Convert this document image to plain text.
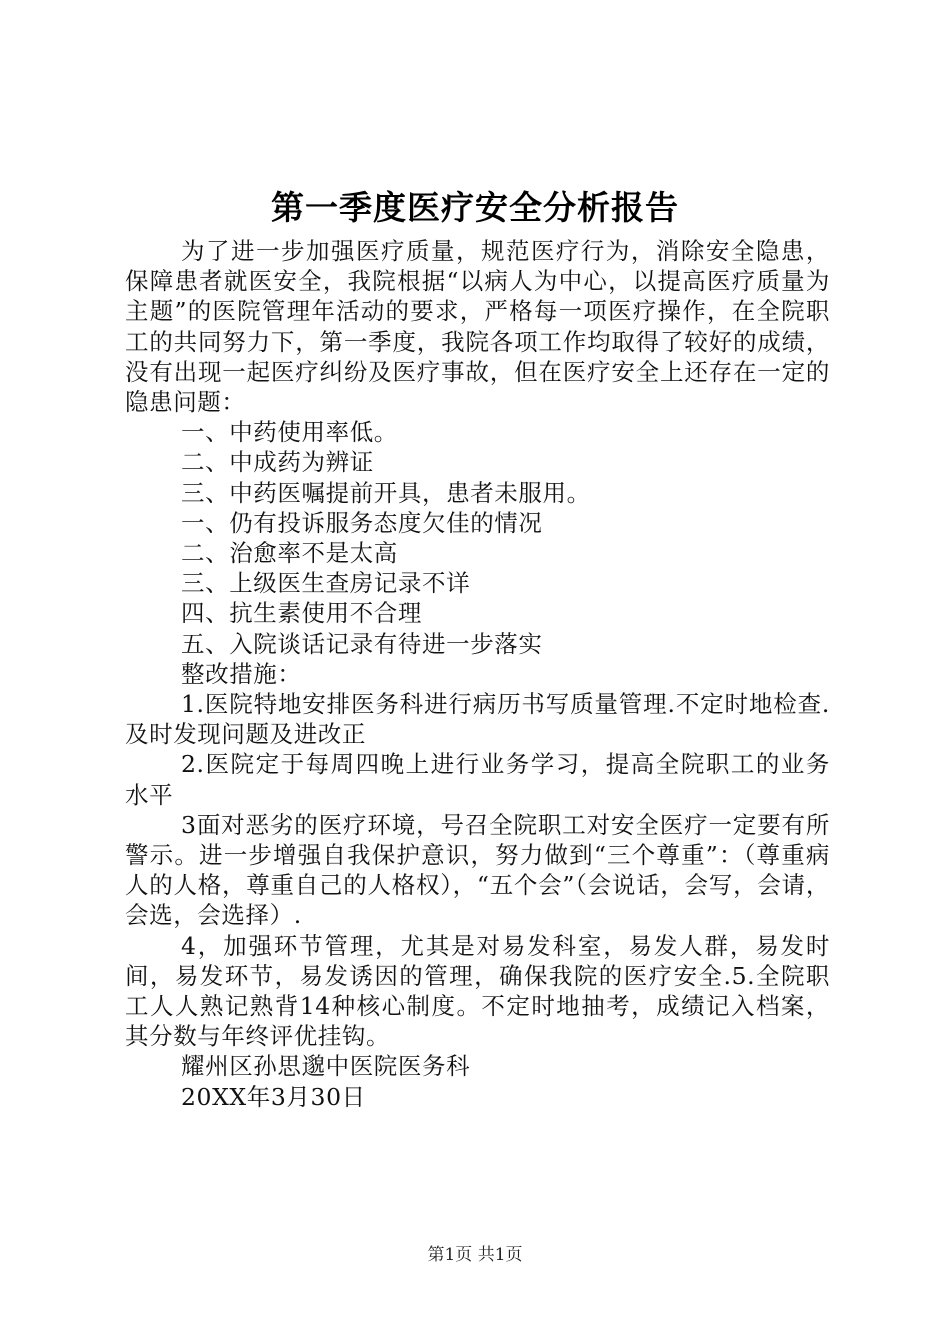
第一季度医疗安全分析报告

为了进一步加强医疗质量，规范医疗行为，消除安全隐患，保障患者就医安全，我院根据“以病人为中心，以提高医疗质量为主题”的医院管理年活动的要求，严格每一项医疗操作，在全院职工的共同努力下，第一季度，我院各项工作均取得了较好的成绩，没有出现一起医疗纠纷及医疗事故，但在医疗安全上还存在一定的隐患问题：

一、中药使用率低。

二、中成药为辨证

三、中药医嘱提前开具，患者未服用。

一、仍有投诉服务态度欠佳的情况

二、治愈率不是太高

三、上级医生查房记录不详

四、抗生素使用不合理

五、入院谈话记录有待进一步落实

整改措施：

1.医院特地安排医务科进行病历书写质量管理.不定时地检查.及时发现问题及进改正

2.医院定于每周四晚上进行业务学习，提高全院职工的业务水平

3面对恶劣的医疗环境，号召全院职工对安全医疗一定要有所警示。进一步增强自我保护意识，努力做到“三个尊重”：（尊重病人的人格，尊重自己的人格权），“五个会”（会说话，会写，会请，会选，会选择）.

4，加强环节管理，尤其是对易发科室，易发人群，易发时间，易发环节，易发诱因的管理，确保我院的医疗安全.5.全院职工人人熟记熟背14种核心制度。不定时地抽考，成绩记入档案，其分数与年终评优挂钩。

耀州区孙思邈中医院医务科

20XX年3月30日

第1页 共1页
